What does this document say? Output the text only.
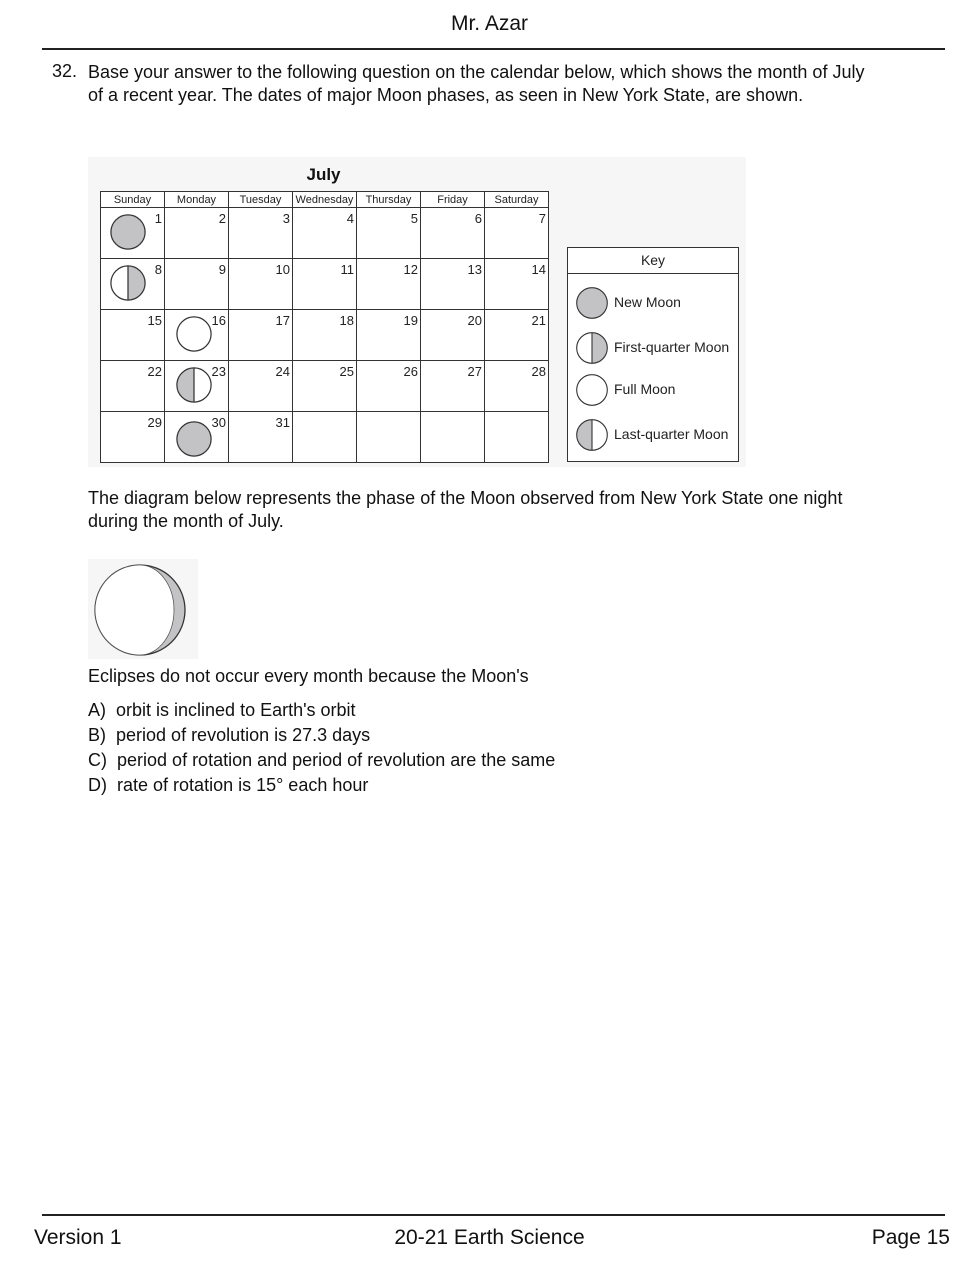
Mr. Azar
32. Base your answer to the following question on the calendar below, which shows the month of July of a recent year. The dates of major Moon phases, as seen in New York State, are shown.
July
Sunday	Monday	Tuesday	Wednesday	Thursday	Friday	Saturday

1	2	3	4	5	6	7

8	9	10	11	12	13	14

15	16	17	18	19	20	21

22	23	24	25	26	27	28

29	30	31				

Key
New Moon
First-quarter Moon
Full Moon
Last-quarter Moon
The diagram below represents the phase of the Moon observed from New York State one night during the month of July.
Eclipses do not occur every month because the Moon's
A) orbit is inclined to Earth's orbit
B) period of revolution is 27.3 days
C) period of rotation and period of revolution are the same
D) rate of rotation is 15° each hour
Version 1	20-21 Earth Science	Page 15
